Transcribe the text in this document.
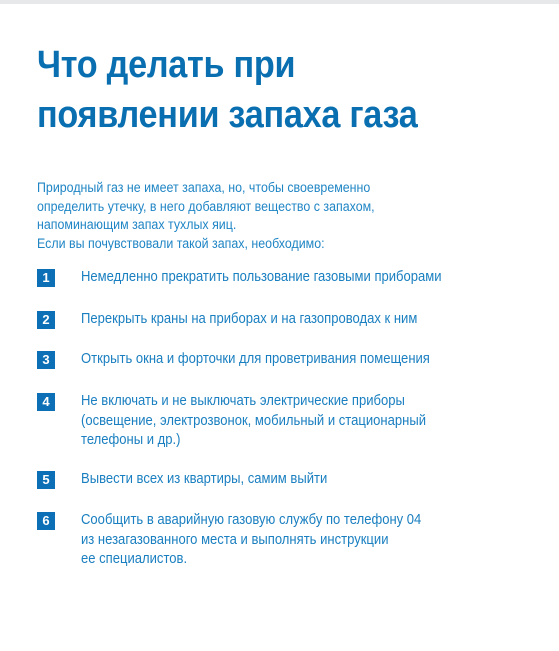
Что делать при
появлении запаха газа
Природный газ не имеет запаха, но, чтобы своевременно
определить утечку, в него добавляют вещество с запахом,
напоминающим запах тухлых яиц.
Если вы почувствовали такой запах, необходимо:
1	Немедленно прекратить пользование газовыми приборами
2	Перекрыть краны на приборах и на газопроводах к ним
3	Открыть окна и форточки для проветривания помещения
4	Не включать и не выключать электрические приборы
(освещение, электрозвонок, мобильный и стационарный
телефоны и др.)
5	Вывести всех из квартиры, самим выйти
6	Сообщить в аварийную газовую службу по телефону 04
из незагазованного места и выполнять инструкции
ее специалистов.
